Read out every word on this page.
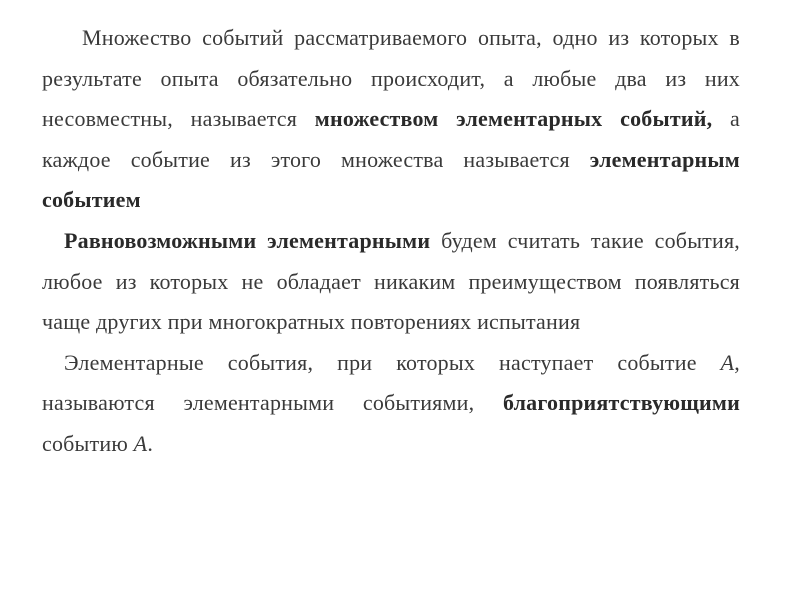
Множество событий рассматриваемого опыта, одно из которых в результате опыта обязательно происходит, а любые два из них несовместны, называется множеством элементарных событий, а каждое событие из этого множества называется элементарным событием

Равновозможными элементарными будем считать такие события, любое из которых не обладает никаким преимуществом появляться чаще других при многократных повторениях испытания

Элементарные события, при которых наступает событие A, называются элементарными событиями, благоприятствующими событию A.
